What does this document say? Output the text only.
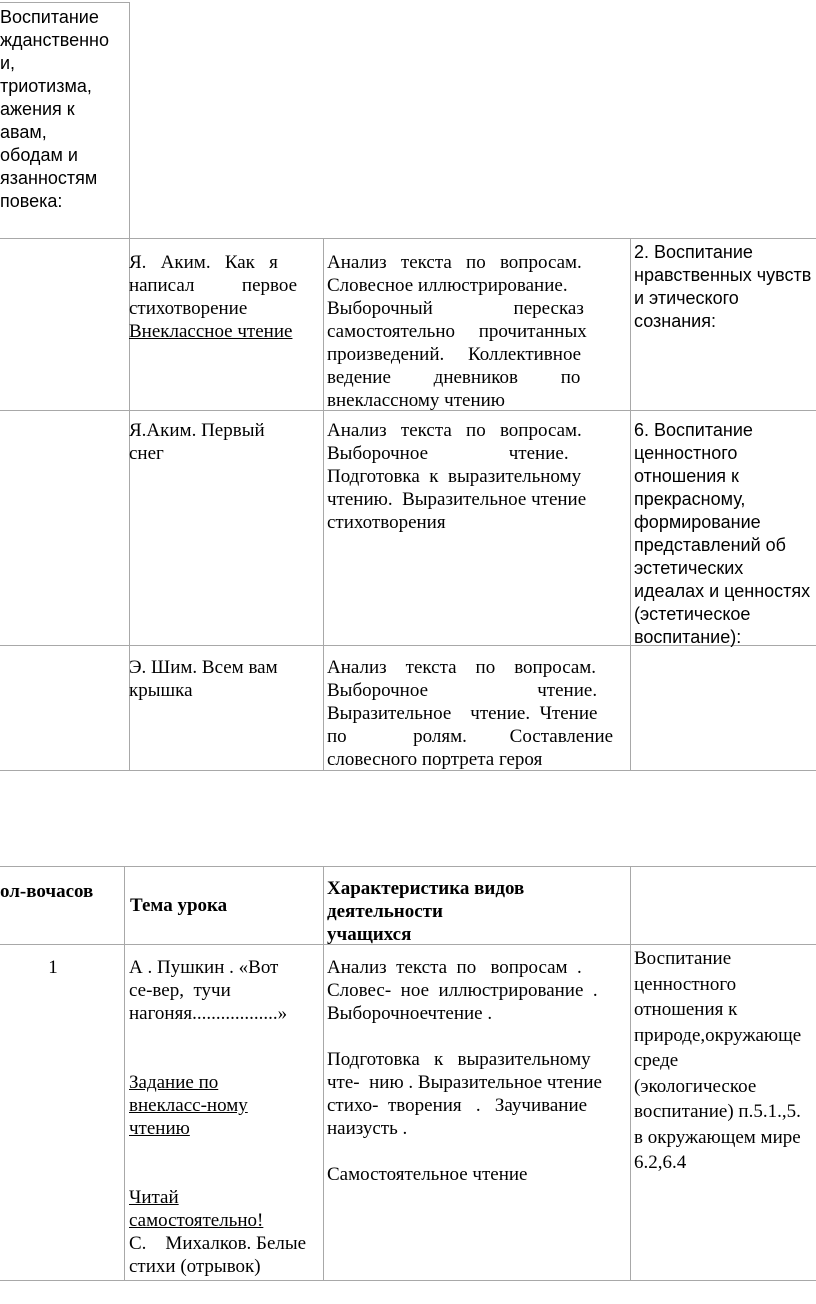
Воспитание
жданственно
и,
триотизма,
ажения к
авам,
ободам и
язанностям
повека:
Я.   Аким.   Как   я
написал          первое
стихотворение
Внеклассное чтение
Анализ   текста   по   вопросам.
Словесное иллюстрирование.
Выборочный                 пересказ
самостоятельно     прочитанных
произведений.     Коллективное
ведение         дневников         по
внеклассному чтению
2. Воспитание
нравственных чувств
и этического
сознания:
Я.Аким. Первый
снег
Анализ   текста   по   вопросам.
Выборочное                 чтение.
Подготовка  к  выразительному
чтению.  Выразительное чтение
стихотворения
6. Воспитание
ценностного
отношения к
прекрасному,
формирование
представлений об
эстетических
идеалах и ценностях
(эстетическое
воспитание):
Э. Шим. Всем вам
крышка
Анализ    текста    по    вопросам.
Выборочное                       чтение.
Выразительное    чтение.  Чтение
по              ролям.         Составление
словесного портрета героя
ол-вочасов
Тема урока
Характеристика видов
деятельности
учащихся
1	А . Пушкин . «Вот
се-вер,  тучи
нагоняя..................»
Задание по
внекласс-ному
чтению
Читай
самостоятельно!
С.    Михалков. Белые
стихи (отрывок)
Анализ  текста  по   вопросам  .
Словес-  ное  иллюстрирование  .
Выборочноечтение .
Подготовка   к   выразительному
чте-  нию . Выразительное чтение
стихо-  творения   .   Заучивание
наизусть .
Самостоятельное чтение
Воспитание
ценностного
отношения к
природе,окружающе
среде
(экологическое
воспитание) п.5.1.,5.
в окружающем мире
6.2,6.4
